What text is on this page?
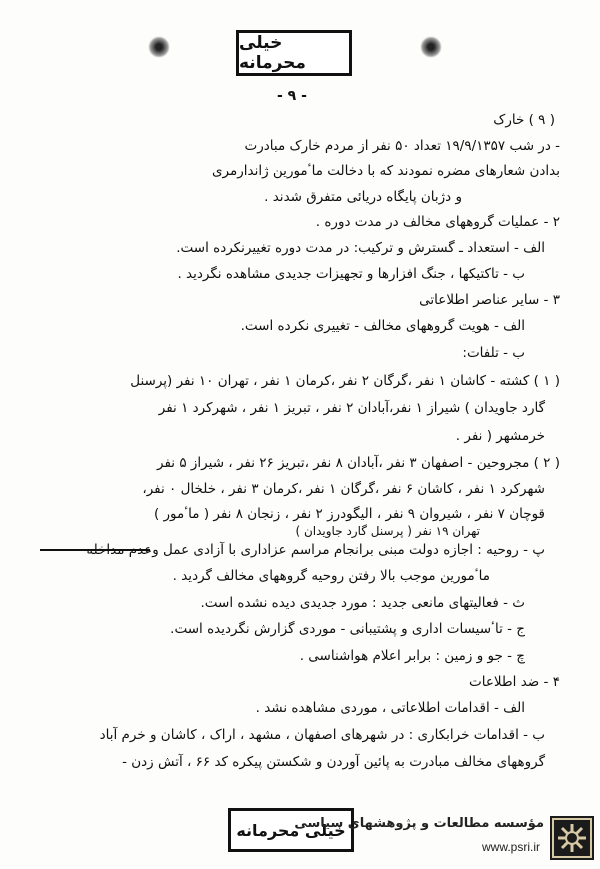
خیلی محرمانه
- ۹ -
( ۹ ) خارک
- در شب ۱۹/۹/۱۳۵۷ تعداد ۵۰ نفر از مردم خارک مبادرت
بدادن شعارهای مضره نمودند که با دخالت ماٴمورین ژاندارمری
و دژبان پایگاه دریائی متفرق شدند .
۲ - عملیات گروههای مخالف در مدت دوره .
الف - استعداد ـ گسترش و ترکیب: در مدت دوره تغییرنکرده است.
ب - تاکتیکها ، جنگ افزارها و تجهیزات جدیدی مشاهده نگردید .
۳ - سایر عناصر اطلاعاتی
الف - هویت گروههای مخالف - تغییری نکرده است.
ب - تلفات:
( ۱ ) کشته - کاشان ۱ نفر ،گرگان ۲ نفر ،کرمان ۱ نفر ، تهران ۱۰ نفر (پرسنل
گارد جاویدان ) شیراز ۱ نفر،آبادان ۲ نفر ، تبریز ۱ نفر ، شهرکرد ۱ نفر
خرمشهر ( نفر .
( ۲ ) مجروحین - اصفهان ۳ نفر ،آبادان ۸ نفر ،تبریز ۲۶ نفر ، شیراز ۵ نفر
شهرکرد ۱ نفر ، کاشان ۶ نفر ،گرگان ۱ نفر ،کرمان ۳ نفر ، خلخال ۰ نفر،
قوچان ۷ نفر ، شیروان ۹ نفر ، الیگودرز ۲ نفر ، زنجان ۸ نفر ( ماٴمور )
تهران ۱۹ نفر ( پرسنل گارد جاویدان )
پ - روحیه : اجازه دولت مبنی برانجام مراسم عزاداری با آزادی عمل وعدم مداخله
ماٴمورین موجب بالا رفتن روحیه گروههای مخالف گردید .
ث - فعالیتهای مانعی جدید : مورد جدیدی دیده نشده است.
ج - تاٴسیسات اداری و پشتیبانی - موردی گزارش نگردیده است.
چ - جو و زمین : برابر اعلام هواشناسی .
۴ - ضد اطلاعات
الف - اقدامات اطلاعاتی ، موردی مشاهده نشد .
ب - اقدامات خرابکاری : در شهرهای اصفهان ، مشهد ، اراک ، کاشان و خرم آباد
گروههای مخالف مبادرت به پائین آوردن و شکستن پیکره کد ۶۶ ، آتش زدن -
خیلی محرمانه
مؤسسه مطالعات و پژوهشهای سیاسی
www.psri.ir
